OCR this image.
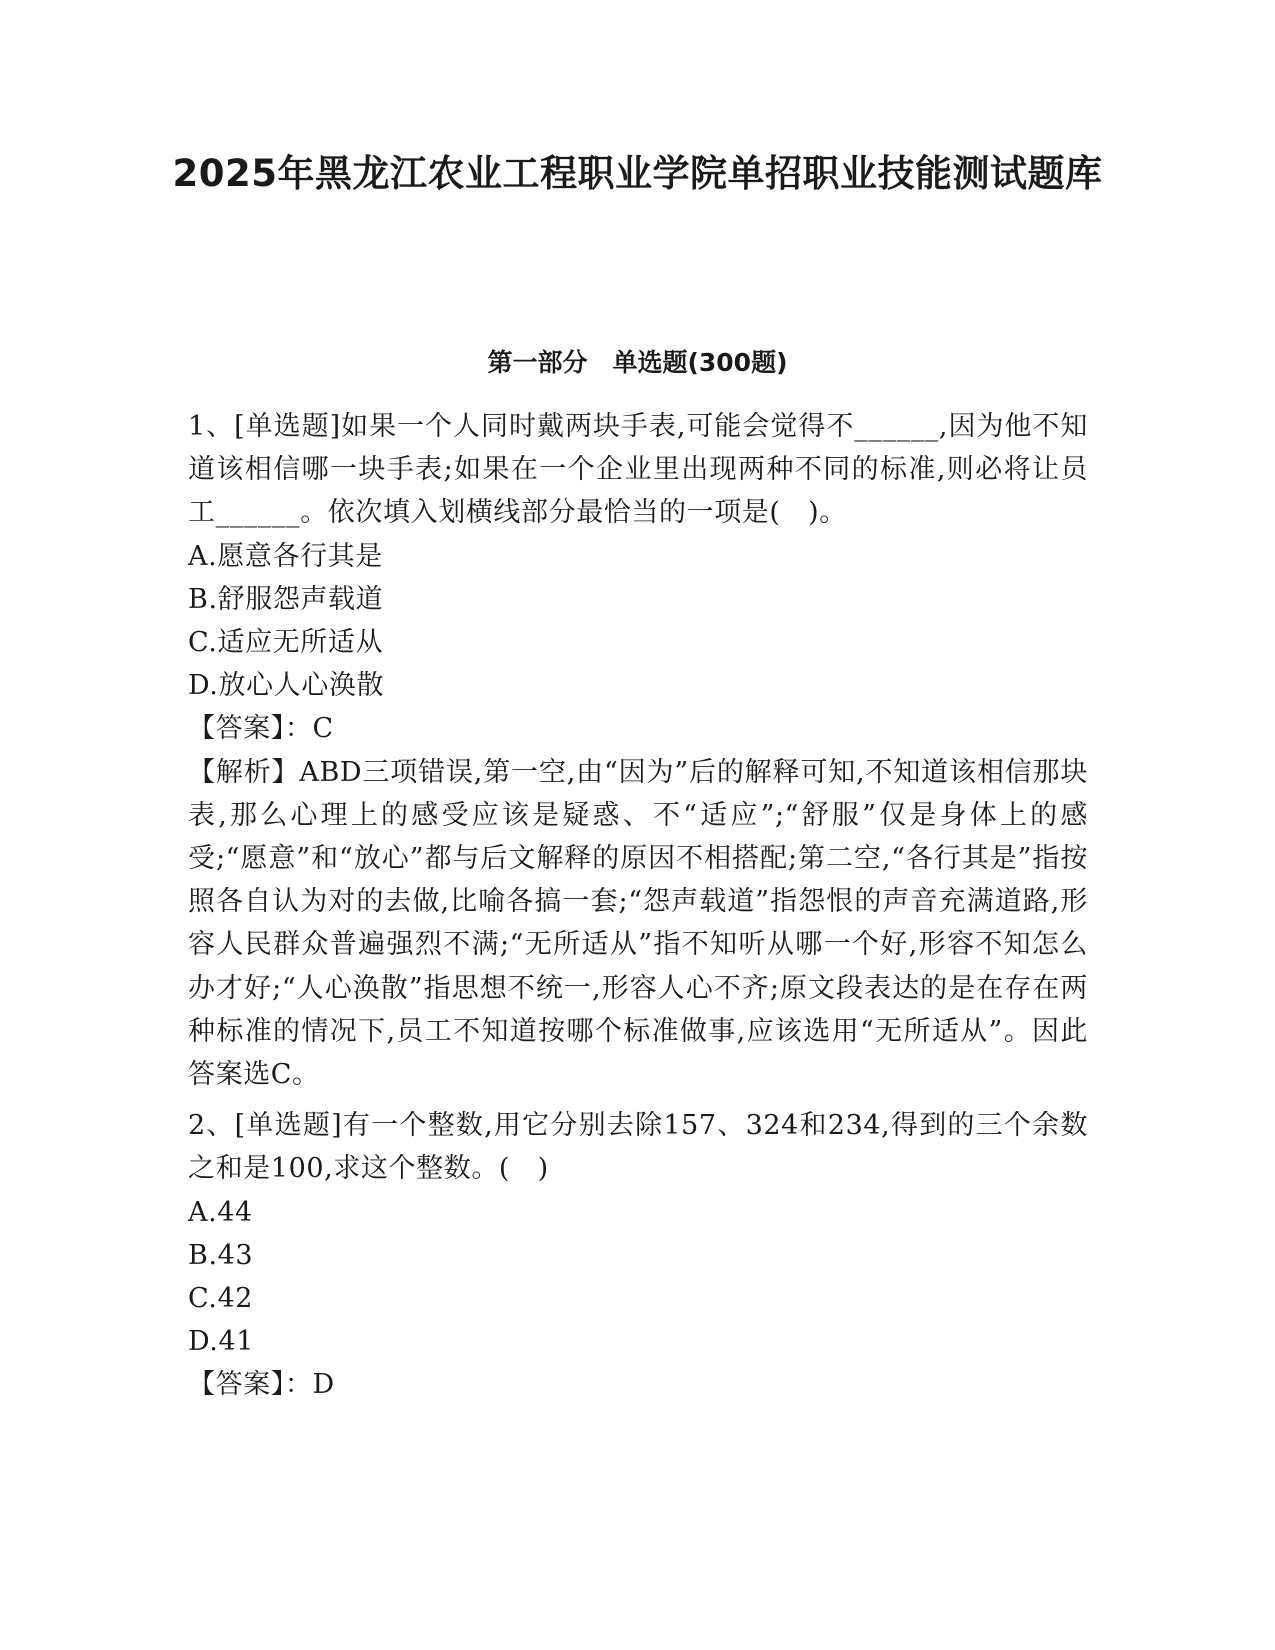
2025年黑龙江农业工程职业学院单招职业技能测试题库
第一部分　单选题(300题)

1、[单选题]如果一个人同时戴两块手表,可能会觉得不______,因为他不知道该相信哪一块手表;如果在一个企业里出现两种不同的标准,则必将让员工______。依次填入划横线部分最恰当的一项是(　)。

A.愿意各行其是

B.舒服怨声载道

C.适应无所适从

D.放心人心涣散

【答案】：C

【解析】ABD三项错误,第一空,由“因为”后的解释可知,不知道该相信那块表,那么心理上的感受应该是疑惑、不“适应”;“舒服”仅是身体上的感受;“愿意”和“放心”都与后文解释的原因不相搭配;第二空,“各行其是”指按照各自认为对的去做,比喻各搞一套;“怨声载道”指怨恨的声音充满道路,形容人民群众普遍强烈不满;“无所适从”指不知听从哪一个好,形容不知怎么办才好;“人心涣散”指思想不统一,形容人心不齐;原文段表达的是在存在两种标准的情况下,员工不知道按哪个标准做事,应该选用“无所适从”。因此答案选C。

2、[单选题]有一个整数,用它分别去除157、324和234,得到的三个余数之和是100,求这个整数。(　)

A.44

B.43

C.42

D.41

【答案】：D
